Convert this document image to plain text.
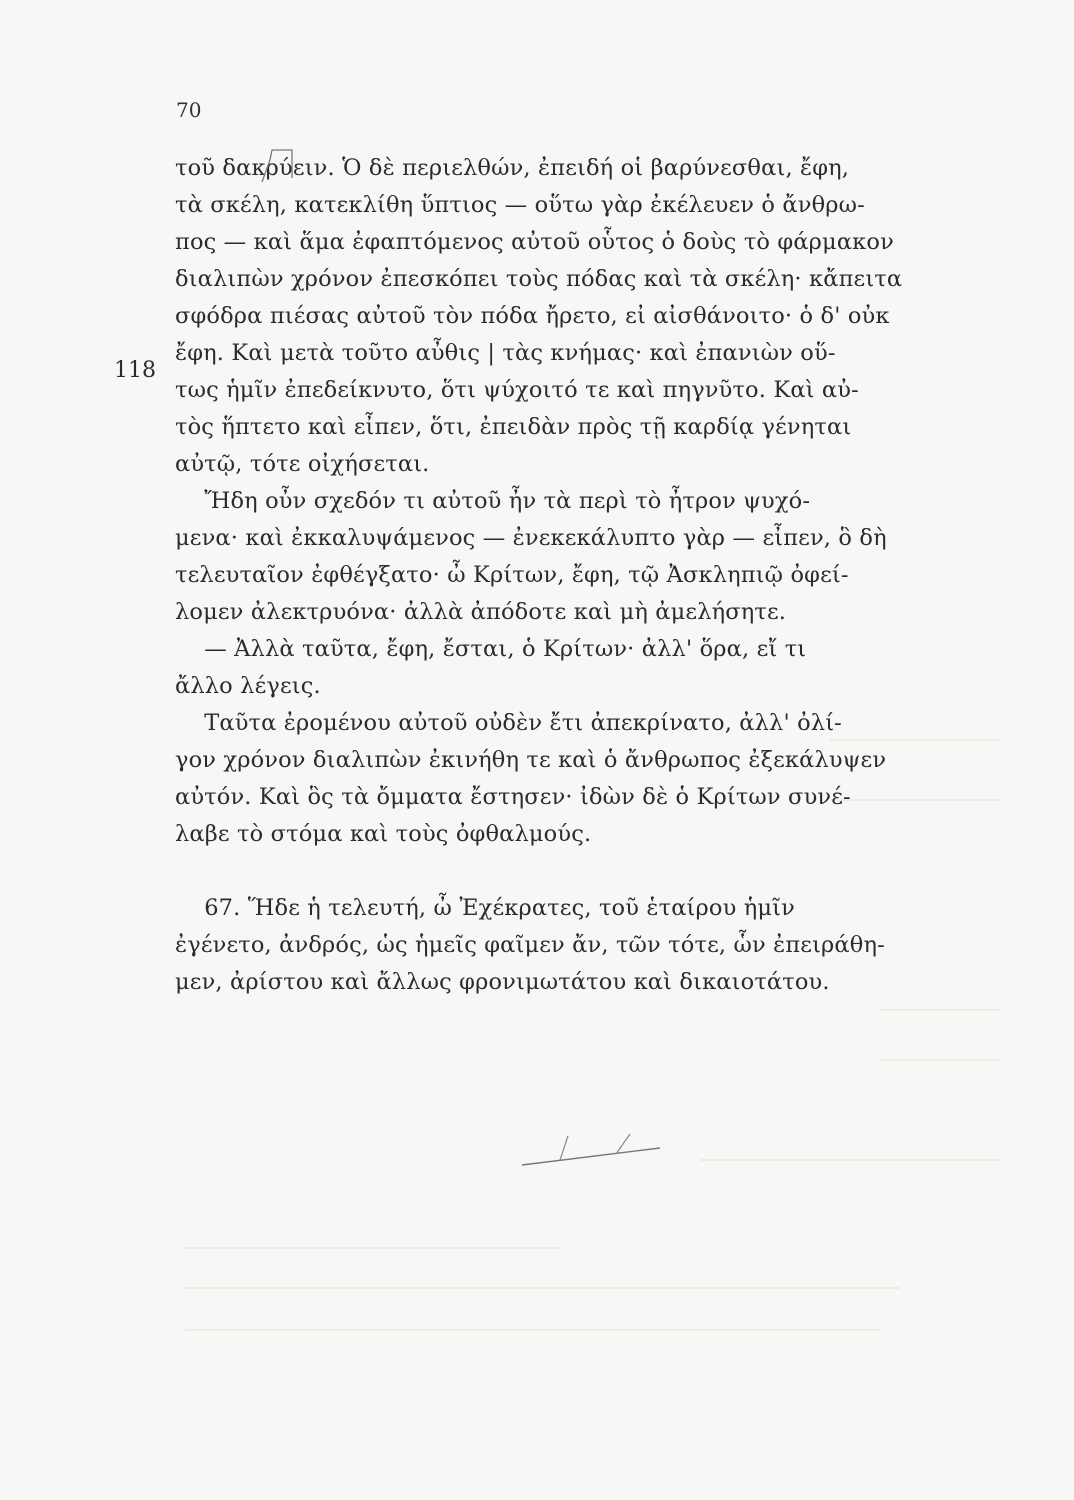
70
118
τοῦ δακρύειν. Ὁ δὲ περιελθών, ἐπειδή οἱ βαρύνεσθαι, ἔφη,
τὰ σκέλη, κατεκλίθη ὕπτιος — οὕτω γὰρ ἐκέλευεν ὁ ἄνθρω-
πος — καὶ ἅμα ἐφαπτόμενος αὐτοῦ οὗτος ὁ δοὺς τὸ φάρμακον
διαλιπὼν χρόνον ἐπεσκόπει τοὺς πόδας καὶ τὰ σκέλη· κἄπειτα
σφόδρα πιέσας αὐτοῦ τὸν πόδα ἤρετο, εἰ αἰσθάνοιτο· ὁ δ' οὐκ
ἔφη. Καὶ μετὰ τοῦτο αὖθις | τὰς κνήμας· καὶ ἐπανιὼν οὕ-
τως ἡμῖν ἐπεδείκνυτο, ὅτι ψύχοιτό τε καὶ πηγνῦτο. Καὶ αὐ-
τὸς ἥπτετο καὶ εἶπεν, ὅτι, ἐπειδὰν πρὸς τῇ καρδίᾳ γένηται
αὐτῷ, τότε οἰχήσεται.
Ἤδη οὖν σχεδόν τι αὐτοῦ ἦν τὰ περὶ τὸ ἦτρον ψυχό-
μενα· καὶ ἐκκαλυψάμενος — ἐνεκεκάλυπτο γὰρ — εἶπεν, ὃ δὴ
τελευταῖον ἐφθέγξατο· ὦ Κρίτων, ἔφη, τῷ Ἀσκληπιῷ ὀφεί-
λομεν ἀλεκτρυόνα· ἀλλὰ ἀπόδοτε καὶ μὴ ἀμελήσητε.
— Ἀλλὰ ταῦτα, ἔφη, ἔσται, ὁ Κρίτων· ἀλλ' ὅρα, εἴ τι
ἄλλο λέγεις.
Ταῦτα ἐρομένου αὐτοῦ οὐδὲν ἔτι ἀπεκρίνατο, ἀλλ' ὀλί-
γον χρόνον διαλιπὼν ἐκινήθη τε καὶ ὁ ἄνθρωπος ἐξεκάλυψεν
αὐτόν. Καὶ ὃς τὰ ὄμματα ἔστησεν· ἰδὼν δὲ ὁ Κρίτων συνέ-
λαβε τὸ στόμα καὶ τοὺς ὀφθαλμούς.
67. Ἥδε ἡ τελευτή, ὦ Ἐχέκρατες, τοῦ ἑταίρου ἡμῖν
ἐγένετο, ἀνδρός, ὡς ἡμεῖς φαῖμεν ἄν, τῶν τότε, ὧν ἐπειράθη-
μεν, ἀρίστου καὶ ἄλλως φρονιμωτάτου καὶ δικαιοτάτου.
